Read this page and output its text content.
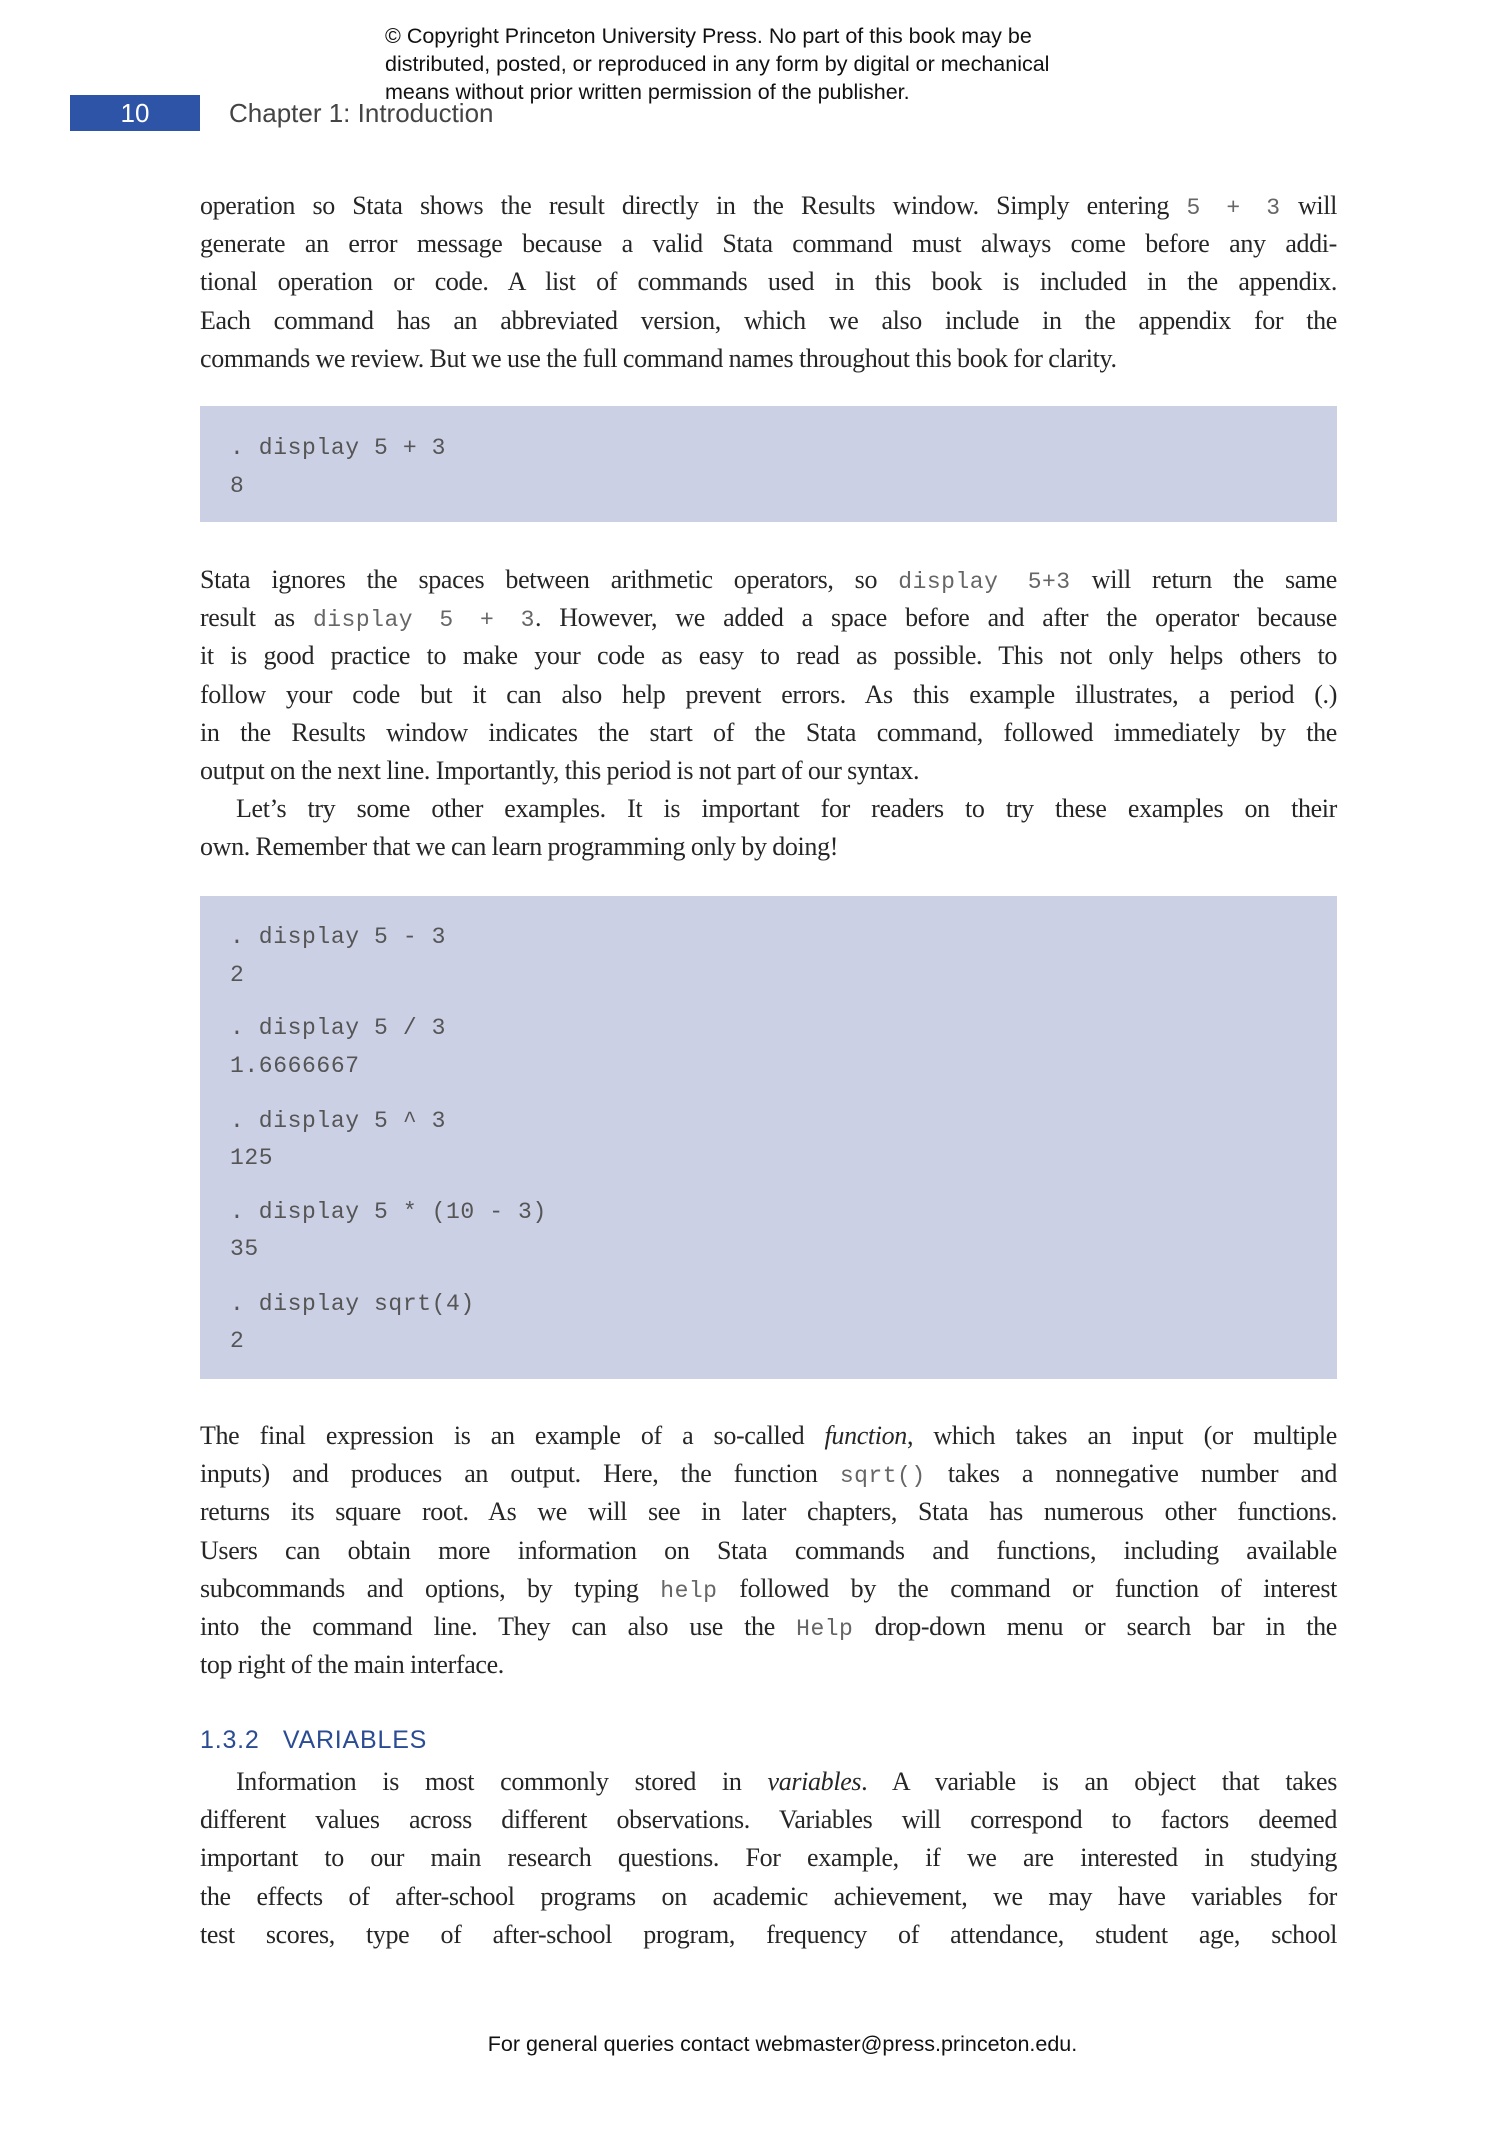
© Copyright Princeton University Press. No part of this book may be
distributed, posted, or reproduced in any form by digital or mechanical
means without prior written permission of the publisher.
10	Chapter 1: Introduction
operation so Stata shows the result directly in the Results window. Simply entering 5 + 3 will
generate an error message because a valid Stata command must always come before any addi-
tional operation or code. A list of commands used in this book is included in the appendix.
Each command has an abbreviated version, which we also include in the appendix for the
commands we review. But we use the full command names throughout this book for clarity.
. display 5 + 3
8
Stata ignores the spaces between arithmetic operators, so display 5+3 will return the same
result as display 5 + 3. However, we added a space before and after the operator because
it is good practice to make your code as easy to read as possible. This not only helps others to
follow your code but it can also help prevent errors. As this example illustrates, a period (.)
in the Results window indicates the start of the Stata command, followed immediately by the
output on the next line. Importantly, this period is not part of our syntax.
Let’s try some other examples. It is important for readers to try these examples on their
own. Remember that we can learn programming only by doing!
. display 5 - 3
2
. display 5 / 3
1.6666667
. display 5 ^ 3
125
. display 5 * (10 - 3)
35
. display sqrt(4)
2
The final expression is an example of a so-called function, which takes an input (or multiple
inputs) and produces an output. Here, the function sqrt() takes a nonnegative number and
returns its square root. As we will see in later chapters, Stata has numerous other functions.
Users can obtain more information on Stata commands and functions, including available
subcommands and options, by typing help followed by the command or function of interest
into the command line. They can also use the Help drop-down menu or search bar in the
top right of the main interface.
1.3.2 VARIABLES
Information is most commonly stored in variables. A variable is an object that takes
different values across different observations. Variables will correspond to factors deemed
important to our main research questions. For example, if we are interested in studying
the effects of after-school programs on academic achievement, we may have variables for
test scores, type of after-school program, frequency of attendance, student age, school
For general queries contact webmaster@press.princeton.edu.
